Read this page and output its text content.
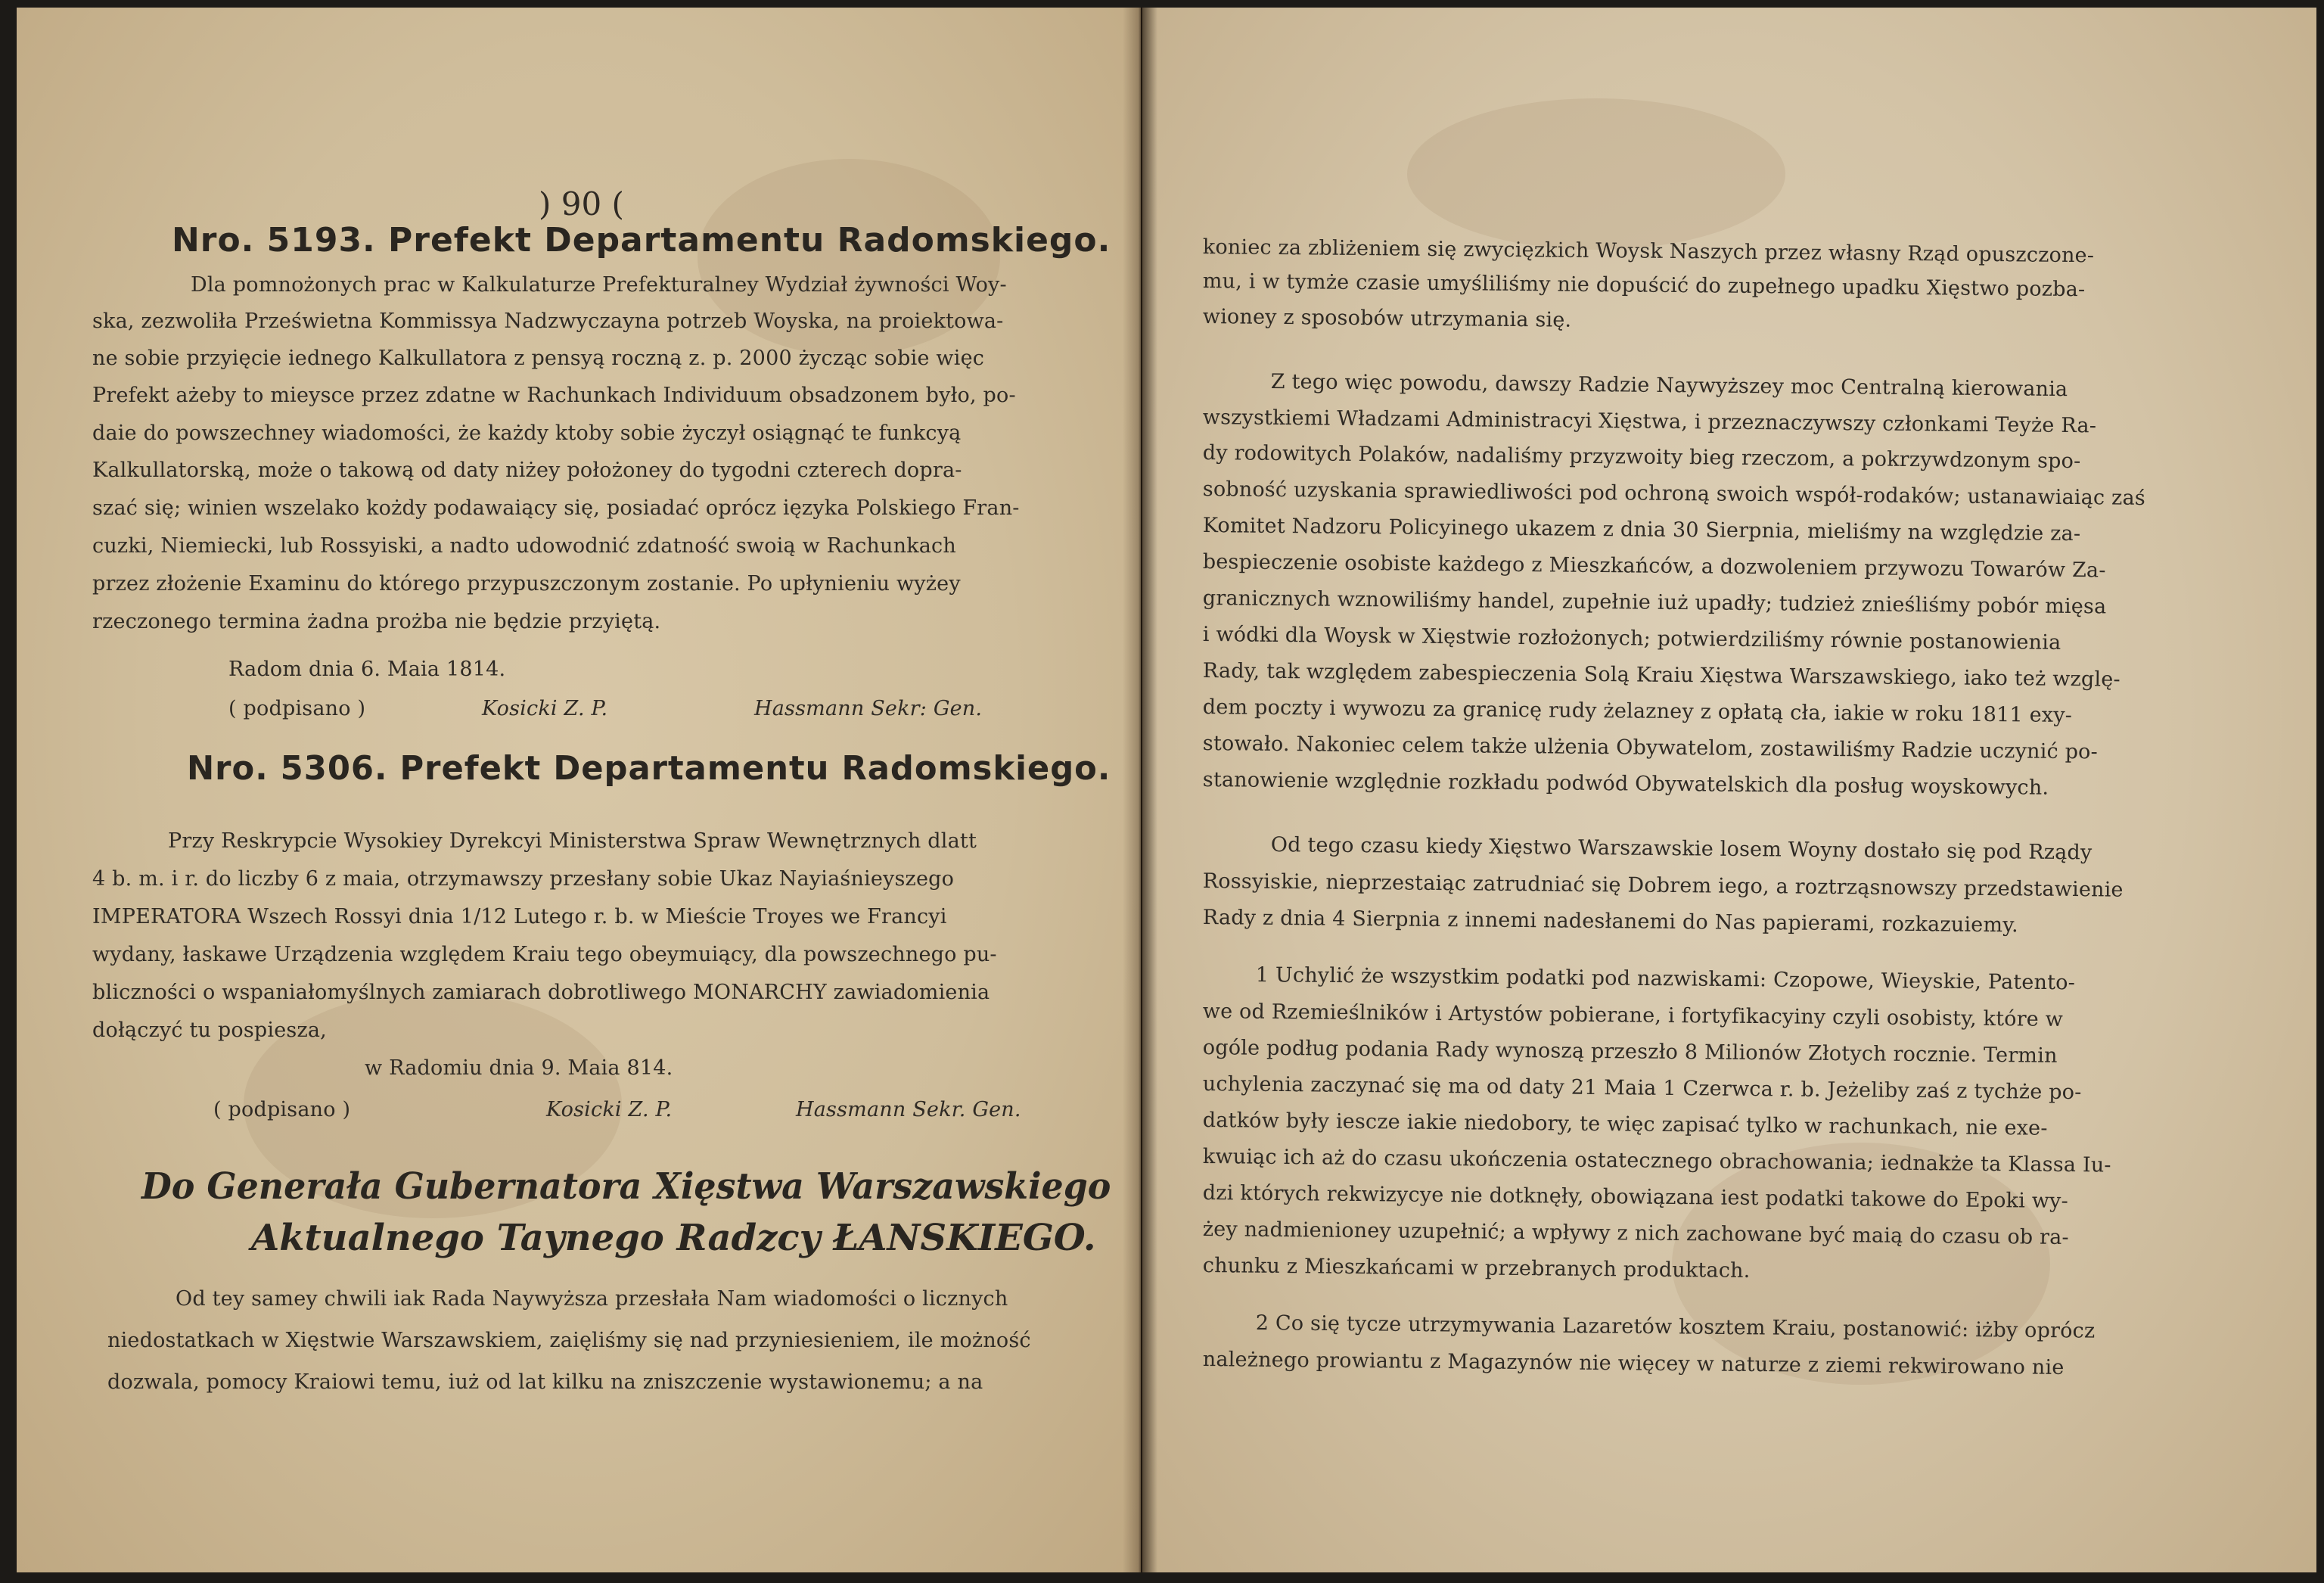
) 90 (
Nro. 5193. Prefekt Departamentu Radomskiego.
Dla pomnożonych prac w Kalkulaturze Prefekturalney Wydział żywności Woy-
ska, zezwoliła Prześwietna Kommissya Nadzwyczayna potrzeb Woyska, na proiektowa-
ne sobie przyięcie iednego Kalkullatora z pensyą roczną z. p. 2000 życząc sobie więc
Prefekt ażeby to mieysce przez zdatne w Rachunkach Individuum obsadzonem było, po-
daie do powszechney wiadomości, że każdy ktoby sobie życzył osiągnąć te funkcyą
Kalkullatorską, może o takową od daty niżey położoney do tygodni czterech dopra-
szać się; winien wszelako kożdy podawaiący się, posiadać oprócz ięzyka Polskiego Fran-
cuzki, Niemiecki, lub Rossyiski, a nadto udowodnić zdatność swoią w Rachunkach
przez złożenie Examinu do którego przypuszczonym zostanie. Po upłynieniu wyżey
rzeczonego termina żadna prożba nie będzie przyiętą.
Radom dnia 6. Maia 1814.
( podpisano )	Kosicki Z. P.	Hassmann Sekr: Gen.
Nro. 5306. Prefekt Departamentu Radomskiego.
Przy Reskrypcie Wysokiey Dyrekcyi Ministerstwa Spraw Wewnętrznych dlatt
4 b. m. i r. do liczby 6 z maia, otrzymawszy przesłany sobie Ukaz Nayiaśnieyszego
IMPERATORA Wszech Rossyi dnia 1/12 Lutego r. b. w Mieście Troyes we Francyi
wydany, łaskawe Urządzenia względem Kraiu tego obeymuiący, dla powszechnego pu-
bliczności o wspaniałomyślnych zamiarach dobrotliwego MONARCHY zawiadomienia
dołączyć tu pospiesza,
w Radomiu dnia 9. Maia 814.
( podpisano )	Kosicki Z. P.	Hassmann Sekr. Gen.
Do Generała Gubernatora Xięstwa Warszawskiego
Aktualnego Taynego Radzcy ŁANSKIEGO.
Od tey samey chwili iak Rada Naywyższa przesłała Nam wiadomości o licznych
niedostatkach w Xięstwie Warszawskiem, zaięliśmy się nad przyniesieniem, ile możność
dozwala, pomocy Kraiowi temu, iuż od lat kilku na zniszczenie wystawionemu; a na
koniec za zbliżeniem się zwycięzkich Woysk Naszych przez własny Rząd opuszczone-
mu, i w tymże czasie umyśliliśmy nie dopuścić do zupełnego upadku Xięstwo pozba-
wioney z sposobów utrzymania się.
Z tego więc powodu, dawszy Radzie Naywyższey moc Centralną kierowania
wszystkiemi Władzami Administracyi Xięstwa, i przeznaczywszy członkami Teyże Ra-
dy rodowitych Polaków, nadaliśmy przyzwoity bieg rzeczom, a pokrzywdzonym spo-
sobność uzyskania sprawiedliwości pod ochroną swoich współ-rodaków; ustanawiaiąc zaś
Komitet Nadzoru Policyinego ukazem z dnia 30 Sierpnia, mieliśmy na względzie za-
bespieczenie osobiste każdego z Mieszkańców, a dozwoleniem przywozu Towarów Za-
granicznych wznowiliśmy handel, zupełnie iuż upadły; tudzież znieśliśmy pobór mięsa
i wódki dla Woysk w Xięstwie rozłożonych; potwierdziliśmy równie postanowienia
Rady, tak względem zabespieczenia Solą Kraiu Xięstwa Warszawskiego, iako też wzglę-
dem poczty i wywozu za granicę rudy żelazney z opłatą cła, iakie w roku 1811 exy-
stowało. Nakoniec celem także ulżenia Obywatelom, zostawiliśmy Radzie uczynić po-
stanowienie względnie rozkładu podwód Obywatelskich dla posług woyskowych.
Od tego czasu kiedy Xięstwo Warszawskie losem Woyny dostało się pod Rządy
Rossyiskie, nieprzestaiąc zatrudniać się Dobrem iego, a roztrząsnowszy przedstawienie
Rady z dnia 4 Sierpnia z innemi nadesłanemi do Nas papierami, rozkazuiemy.
1 Uchylić że wszystkim podatki pod nazwiskami: Czopowe, Wieyskie, Patento-
we od Rzemieślników i Artystów pobierane, i fortyfikacyiny czyli osobisty, które w
ogóle podług podania Rady wynoszą przeszło 8 Milionów Złotych rocznie. Termin
uchylenia zaczynać się ma od daty 21 Maia 1 Czerwca r. b. Jeżeliby zaś z tychże po-
datków były iescze iakie niedobory, te więc zapisać tylko w rachunkach, nie exe-
kwuiąc ich aż do czasu ukończenia ostatecznego obrachowania; iednakże ta Klassa Iu-
dzi których rekwizycye nie dotknęły, obowiązana iest podatki takowe do Epoki wy-
żey nadmienioney uzupełnić; a wpływy z nich zachowane być maią do czasu ob ra-
chunku z Mieszkańcami w przebranych produktach.
2 Co się tycze utrzymywania Lazaretów kosztem Kraiu, postanowić: iżby oprócz
należnego prowiantu z Magazynów nie więcey w naturze z ziemi rekwirowano nie
